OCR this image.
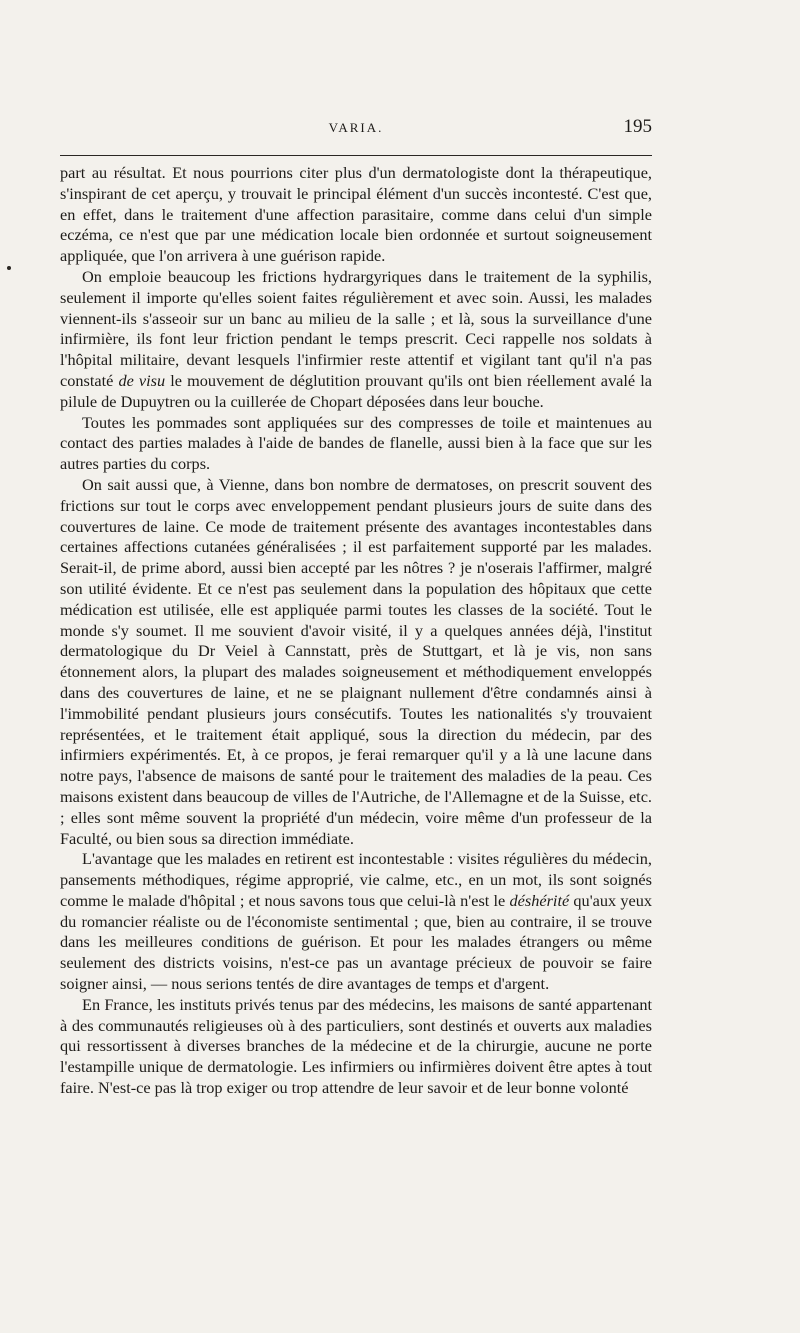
VARIA.	195

part au résultat. Et nous pourrions citer plus d'un dermatologiste dont la thérapeutique, s'inspirant de cet aperçu, y trouvait le principal élément d'un succès incontesté. C'est que, en effet, dans le traitement d'une affection parasitaire, comme dans celui d'un simple eczéma, ce n'est que par une médication locale bien ordonnée et surtout soigneusement appliquée, que l'on arrivera à une guérison rapide.

On emploie beaucoup les frictions hydrargyriques dans le traitement de la syphilis, seulement il importe qu'elles soient faites régulièrement et avec soin. Aussi, les malades viennent-ils s'asseoir sur un banc au milieu de la salle ; et là, sous la surveillance d'une infirmière, ils font leur friction pendant le temps prescrit. Ceci rappelle nos soldats à l'hôpital militaire, devant lesquels l'infirmier reste attentif et vigilant tant qu'il n'a pas constaté de visu le mouvement de déglutition prouvant qu'ils ont bien réellement avalé la pilule de Dupuytren ou la cuillerée de Chopart déposées dans leur bouche.

Toutes les pommades sont appliquées sur des compresses de toile et maintenues au contact des parties malades à l'aide de bandes de flanelle, aussi bien à la face que sur les autres parties du corps.

On sait aussi que, à Vienne, dans bon nombre de dermatoses, on prescrit souvent des frictions sur tout le corps avec enveloppement pendant plusieurs jours de suite dans des couvertures de laine. Ce mode de traitement présente des avantages incontestables dans certaines affections cutanées généralisées ; il est parfaitement supporté par les malades. Serait-il, de prime abord, aussi bien accepté par les nôtres ? je n'oserais l'affirmer, malgré son utilité évidente. Et ce n'est pas seulement dans la population des hôpitaux que cette médication est utilisée, elle est appliquée parmi toutes les classes de la société. Tout le monde s'y soumet. Il me souvient d'avoir visité, il y a quelques années déjà, l'institut dermatologique du Dr Veiel à Cannstatt, près de Stuttgart, et là je vis, non sans étonnement alors, la plupart des malades soigneusement et méthodiquement enveloppés dans des couvertures de laine, et ne se plaignant nullement d'être condamnés ainsi à l'immobilité pendant plusieurs jours consécutifs. Toutes les nationalités s'y trouvaient représentées, et le traitement était appliqué, sous la direction du médecin, par des infirmiers expérimentés. Et, à ce propos, je ferai remarquer qu'il y a là une lacune dans notre pays, l'absence de maisons de santé pour le traitement des maladies de la peau. Ces maisons existent dans beaucoup de villes de l'Autriche, de l'Allemagne et de la Suisse, etc. ; elles sont même souvent la propriété d'un médecin, voire même d'un professeur de la Faculté, ou bien sous sa direction immédiate.

L'avantage que les malades en retirent est incontestable : visites régulières du médecin, pansements méthodiques, régime approprié, vie calme, etc., en un mot, ils sont soignés comme le malade d'hôpital ; et nous savons tous que celui-là n'est le déshérité qu'aux yeux du romancier réaliste ou de l'économiste sentimental ; que, bien au contraire, il se trouve dans les meilleures conditions de guérison. Et pour les malades étrangers ou même seulement des districts voisins, n'est-ce pas un avantage précieux de pouvoir se faire soigner ainsi, — nous serions tentés de dire avantages de temps et d'argent.

En France, les instituts privés tenus par des médecins, les maisons de santé appartenant à des communautés religieuses où à des particuliers, sont destinés et ouverts aux maladies qui ressortissent à diverses branches de la médecine et de la chirurgie, aucune ne porte l'estampille unique de dermatologie. Les infirmiers ou infirmières doivent être aptes à tout faire. N'est-ce pas là trop exiger ou trop attendre de leur savoir et de leur bonne volonté
